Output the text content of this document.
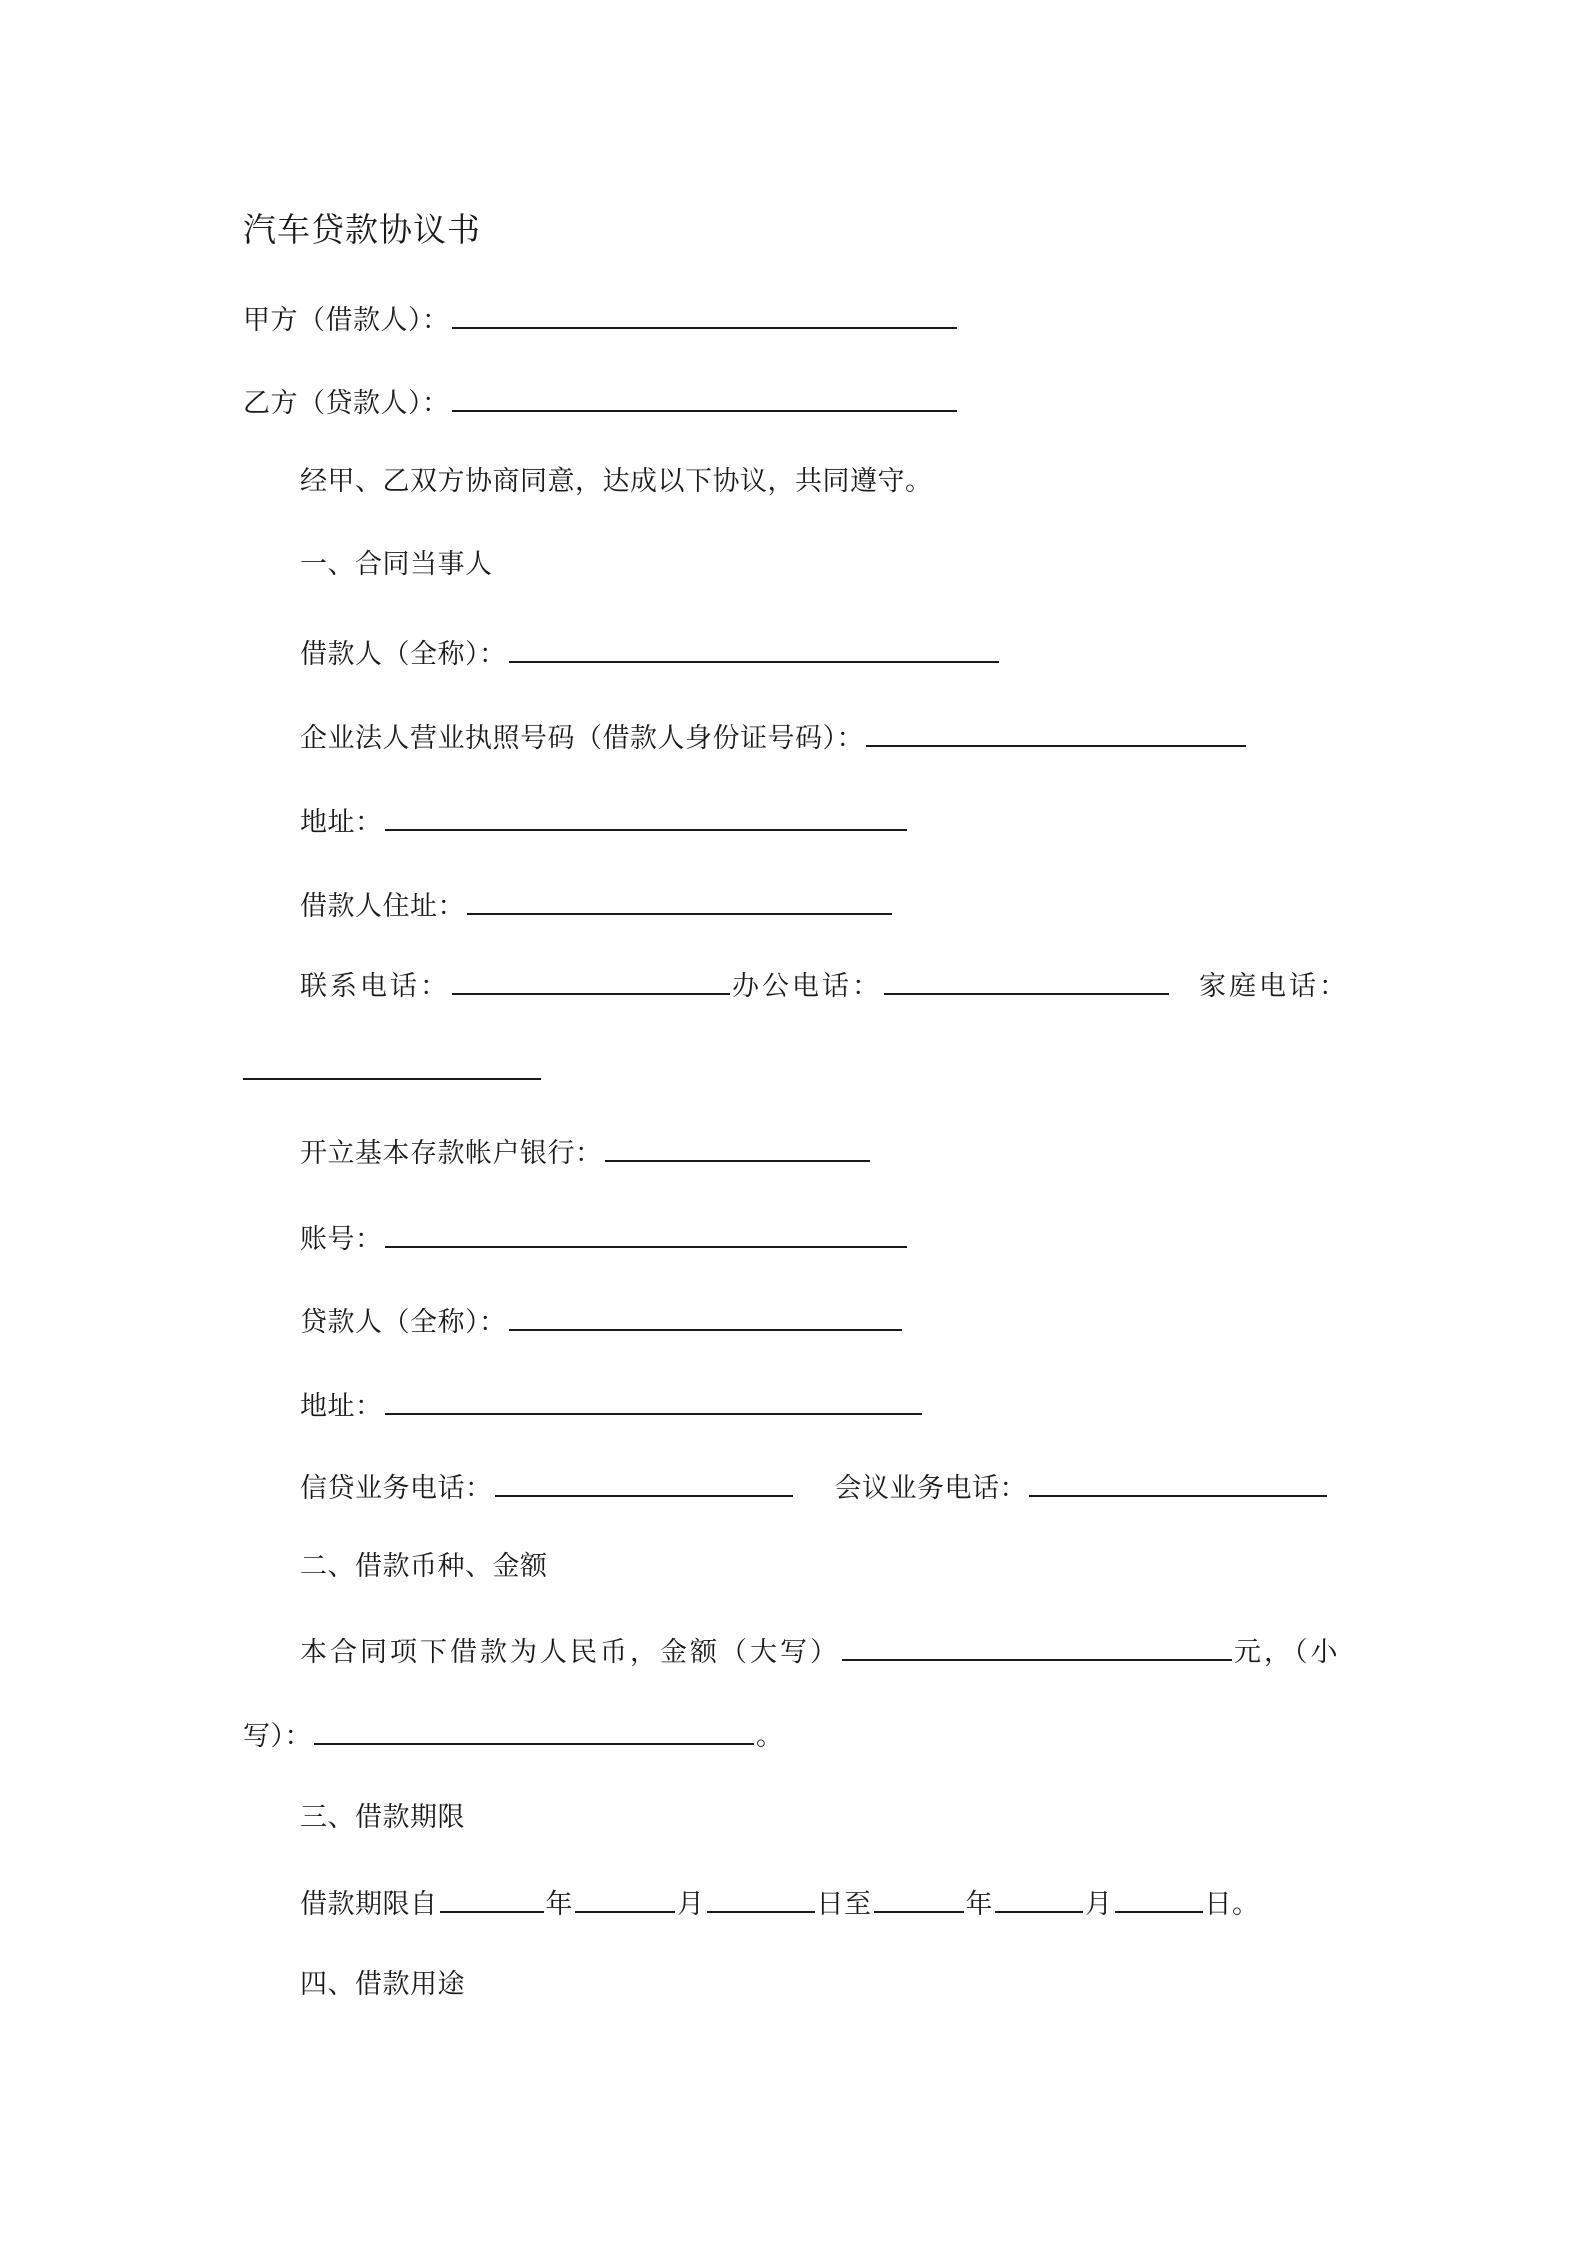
汽车贷款协议书
甲方（借款人）：
乙方（贷款人）：
经甲、乙双方协商同意，达成以下协议，共同遵守。
一、合同当事人
借款人（全称）：
企业法人营业执照号码（借款人身份证号码）：
地址：
借款人住址：
联系电话：	办公电话：	家庭电话：
开立基本存款帐户银行：
账号：
贷款人（全称）：
地址：
信贷业务电话：	会议业务电话：
二、借款币种、金额
本合同项下借款为人民币，金额（大写）	元，（小
写）：	。
三、借款期限
借款期限自	年	月	日至	年	月	日。
四、借款用途
